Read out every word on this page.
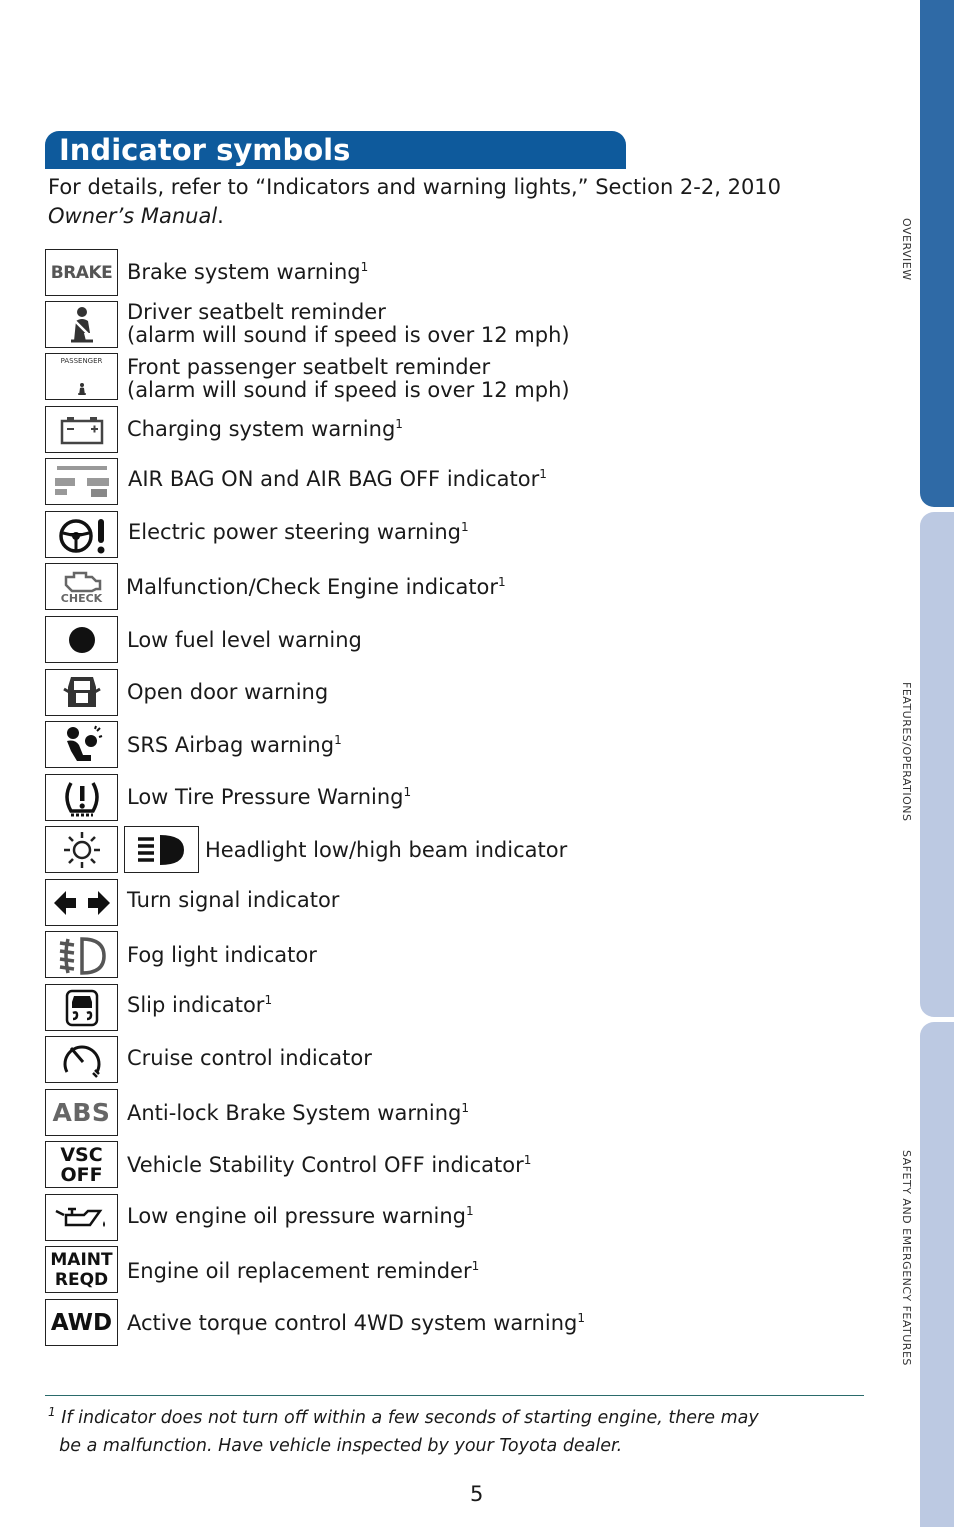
OVERVIEW
FEATURES/OPERATIONS
SAFETY AND EMERGENCY FEATURES
Indicator symbols
For details, refer to “Indicators and warning lights,” Section 2-2, 2010
Owner’s Manual.
BRAKE Brake system warning$^1$
Driver seatbelt reminder
(alarm will sound if speed is over 12 mph)
PASSENGER Front passenger seatbelt reminder
(alarm will sound if speed is over 12 mph)
Charging system warning$^1$
AIR BAG ON and AIR BAG OFF indicator$^1$
Electric power steering warning$^1$
CHECK Malfunction/Check Engine indicator$^1$
Low fuel level warning
Open door warning
SRS Airbag warning$^1$
Low Tire Pressure Warning$^1$
Headlight low/high beam indicator
Turn signal indicator
Fog light indicator
Slip indicator$^1$
Cruise control indicator
ABS Anti-lock Brake System warning$^1$
VSC
OFF Vehicle Stability Control OFF indicator$^1$
Low engine oil pressure warning$^1$
MAINT
REQD Engine oil replacement reminder$^1$
AWD Active torque control 4WD system warning$^1$
$^1$ If indicator does not turn off within a few seconds of starting engine, there may
be a malfunction. Have vehicle inspected by your Toyota dealer.
5
